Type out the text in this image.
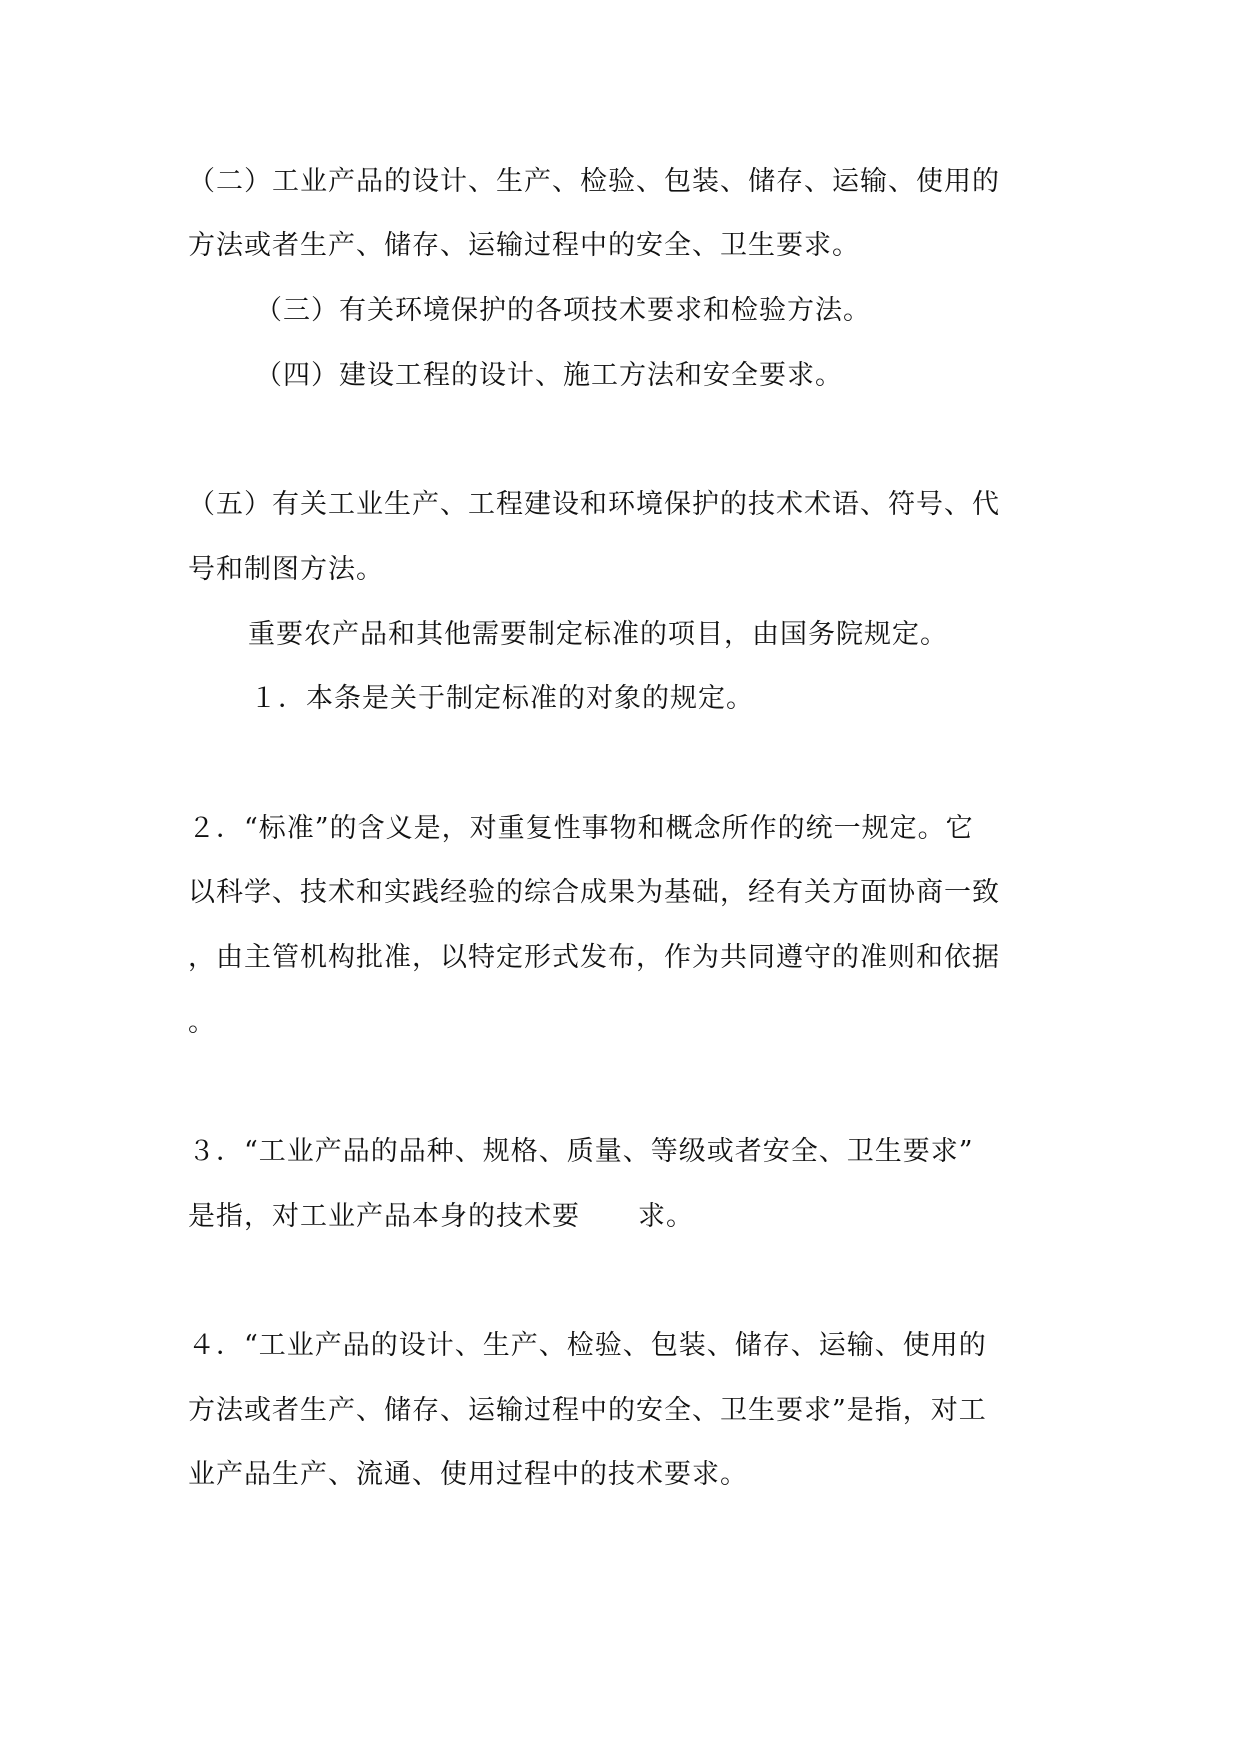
（二）工业产品的设计、生产、检验、包装、储存、运输、使用的
方法或者生产、储存、运输过程中的安全、卫生要求。
（三）有关环境保护的各项技术要求和检验方法。
（四）建设工程的设计、施工方法和安全要求。
（五）有关工业生产、工程建设和环境保护的技术术语、符号、代
号和制图方法。
重要农产品和其他需要制定标准的项目，由国务院规定。
１．本条是关于制定标准的对象的规定。
２．“标准”的含义是，对重复性事物和概念所作的统一规定。它
以科学、技术和实践经验的综合成果为基础，经有关方面协商一致
，由主管机构批准，以特定形式发布，作为共同遵守的准则和依据
。
３．“工业产品的品种、规格、质量、等级或者安全、卫生要求”
是指，对工业产品本身的技术要 求。
４．“工业产品的设计、生产、检验、包装、储存、运输、使用的
方法或者生产、储存、运输过程中的安全、卫生要求”是指，对工
业产品生产、流通、使用过程中的技术要求。
